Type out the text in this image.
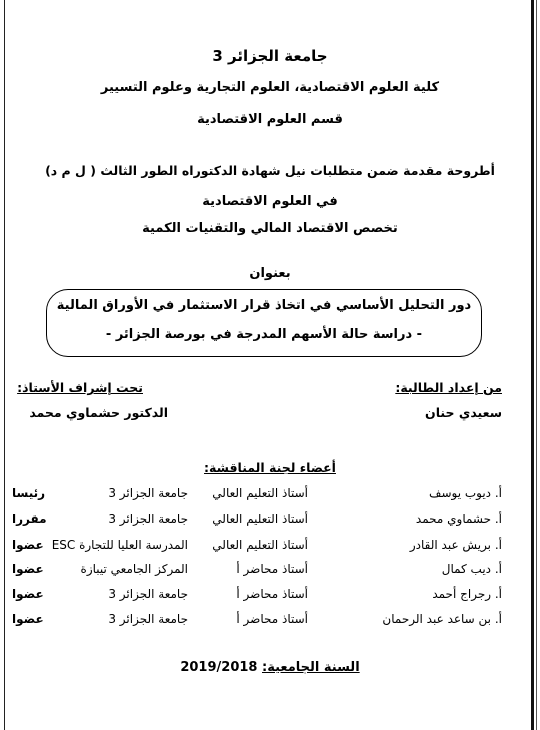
جامعة الجزائر 3
كلية العلوم الاقتصادية، العلوم التجارية وعلوم التسيير
قسم العلوم الاقتصادية
أطروحة مقدمة ضمن متطلبات نيل شهادة الدكتوراه الطور الثالث ( ل م د)
في العلوم الاقتصادية
تخصص الاقتصاد المالي والتقنيات الكمية
بعنوان
دور التحليل الأساسي في اتخاذ قرار الاستثمار في الأوراق المالية
- دراسة حالة الأسهم المدرجة في بورصة الجزائر -
من إعداد الطالبة:
تحت إشراف الأستاذ:
سعيدي حنان
الدكتور حشماوي محمد
أعضاء لجنة المناقشة:
أ. ديوب يوسف
أستاذ التعليم العالي
جامعة الجزائر 3
رئيسا
أ. حشماوي محمد
أستاذ التعليم العالي
جامعة الجزائر 3
مقررا
أ. بريش عبد القادر
أستاذ التعليم العالي
المدرسة العليا للتجارة ESC
عضوا
أ. ديب كمال
أستاذ محاضر أ
المركز الجامعي تيبازة
عضوا
أ. رجراج أحمد
أستاذ محاضر أ
جامعة الجزائر 3
عضوا
أ. بن ساعد عبد الرحمان
أستاذ محاضر أ
جامعة الجزائر 3
عضوا
السنة الجامعية: 2019/2018
